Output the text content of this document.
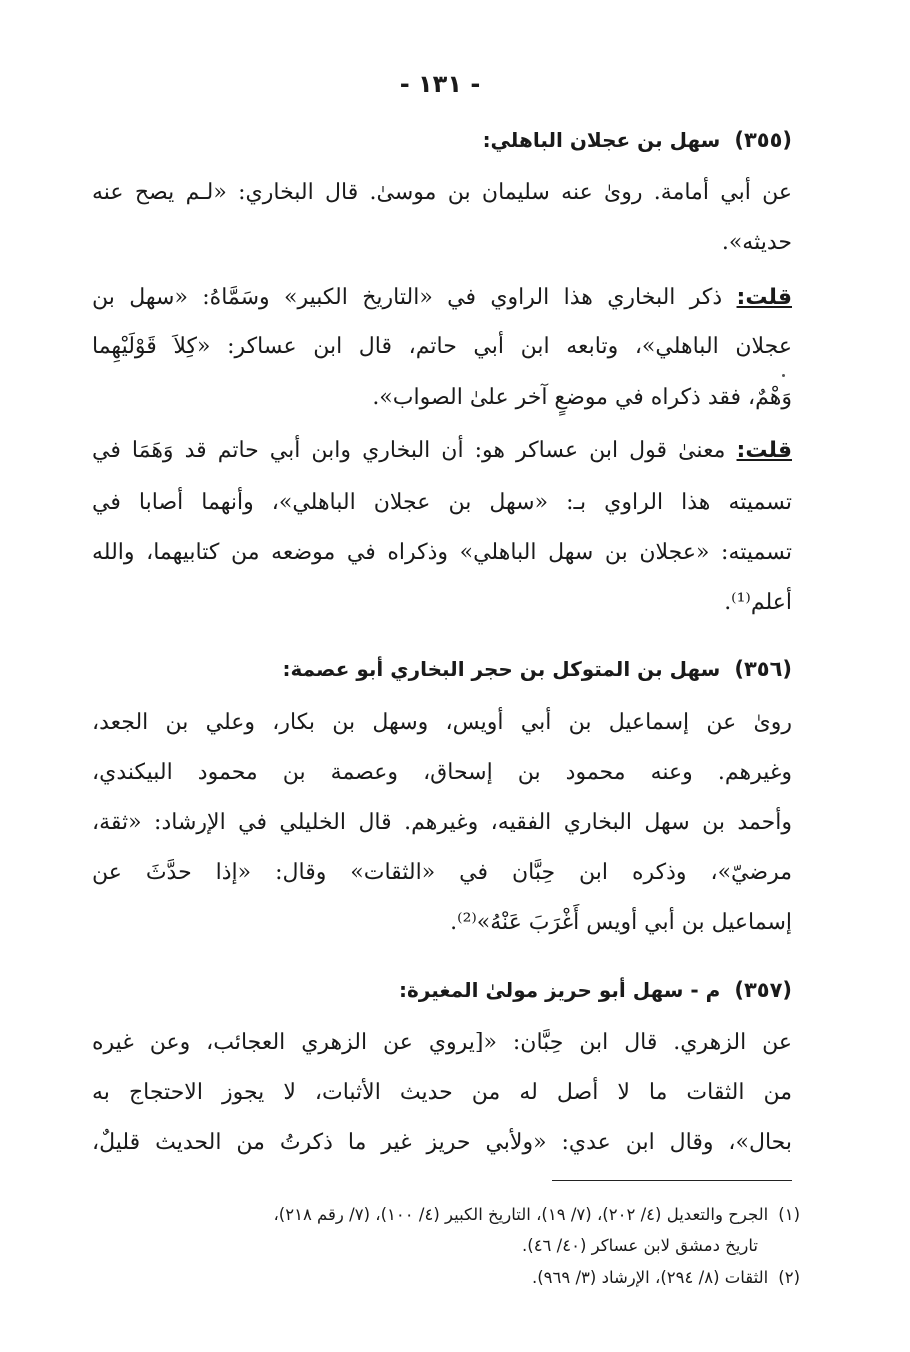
- ١٣١ -
(٣٥٥)سهل بن عجلان الباهلي:
عن أبي أمامة. روىٰ عنه سليمان بن موسىٰ. قال البخاري: «لـم يصح عنه
حديثه».
قلت: ذكر البخاري هذا الراوي في «التاريخ الكبير» وسَمَّاهُ: «سهل بن
عجلان الباهلي»، وتابعه ابن أبي حاتم، قال ابن عساكر: «كِلاَ قَوْلَيْهِما
وَهْمٌ، فقد ذكراه في موضعٍ آخر علىٰ الصواب».
قلت: معنىٰ قول ابن عساكر هو: أن البخاري وابن أبي حاتم قد وَهَمَا في
تسميته هذا الراوي بـ: «سهل بن عجلان الباهلي»، وأنهما أصابا في
تسميته: «عجلان بن سهل الباهلي» وذكراه في موضعه من كتابيهما، والله
أعلم⁽¹⁾.
(٣٥٦)سهل بن المتوكل بن حجر البخاري أبو عصمة:
روىٰ عن إسماعيل بن أبي أويس، وسهل بن بكار، وعلي بن الجعد،
وغيرهم. وعنه محمود بن إسحاق، وعصمة بن محمود البيكندي،
وأحمد بن سهل البخاري الفقيه، وغيرهم. قال الخليلي في الإرشاد: «ثقة،
مرضيّ»، وذكره ابن حِبَّان في «الثقات» وقال: «إذا حدَّثَ عن
إسماعيل بن أبي أويس أَغْرَبَ عَنْهُ»⁽²⁾.
(٣٥٧)م - سهل أبو حريز مولىٰ المغيرة:
عن الزهري. قال ابن حِبَّان: «[يروي عن الزهري العجائب، وعن غيره
من الثقات ما لا أصل له من حديث الأثبات، لا يجوز الاحتجاج به
بحال»، وقال ابن عدي: «ولأبي حريز غير ما ذكرتُ من الحديث قليلٌ،
(١)الجرح والتعديل (٤/ ٢٠٢)، (٧/ ١٩)، التاريخ الكبير (٤/ ١٠٠)، (٧/ رقم ٢١٨)،
تاريخ دمشق لابن عساكر (٤٠/ ٤٦).
(٢)الثقات (٨/ ٢٩٤)، الإرشاد (٣/ ٩٦٩).
